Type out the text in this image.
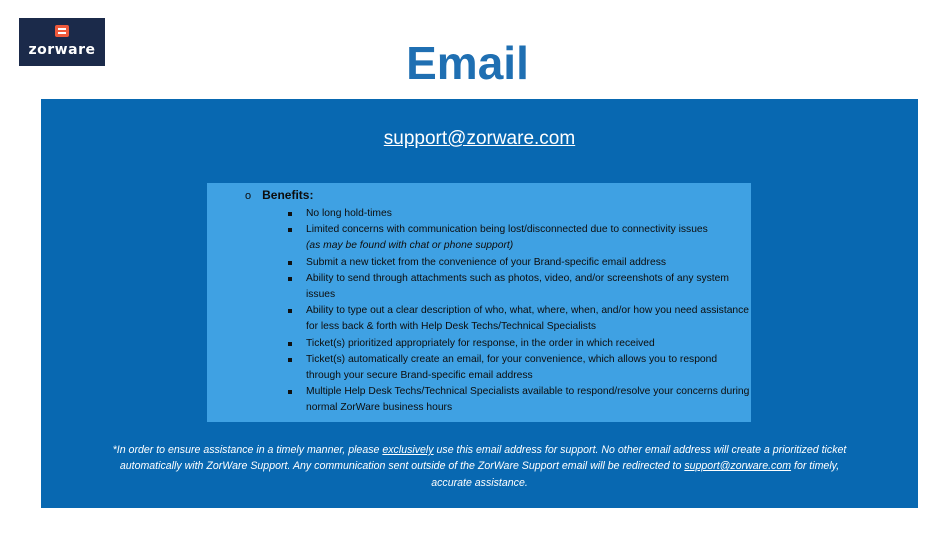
zorware	Email
support@zorware.com
o Benefits:
No long hold-times
Limited concerns with communication being lost/disconnected due to connectivity issues
(as may be found with chat or phone support)
Submit a new ticket from the convenience of your Brand-specific email address
Ability to send through attachments such as photos, video, and/or screenshots of any system issues
Ability to type out a clear description of who, what, where, when, and/or how you need assistance for less back & forth with Help Desk Techs/Technical Specialists
Ticket(s) prioritized appropriately for response, in the order in which received
Ticket(s) automatically create an email, for your convenience, which allows you to respond through your secure Brand-specific email address
Multiple Help Desk Techs/Technical Specialists available to respond/resolve your concerns during normal ZorWare business hours
*In order to ensure assistance in a timely manner, please exclusively use this email address for support. No other email address will create a prioritized ticket automatically with ZorWare Support. Any communication sent outside of the ZorWare Support email will be redirected to support@zorware.com for timely, accurate assistance.
